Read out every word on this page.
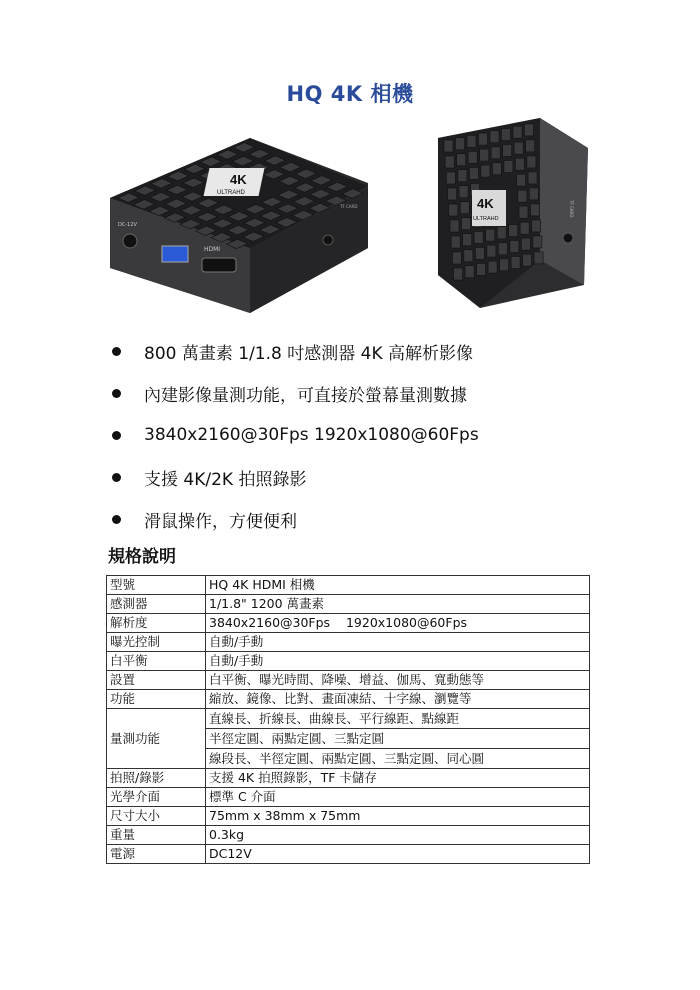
HQ 4K 相機
4K
ULTRAHD
DC-12V
HDMI
TF CARD	4K
ULTRAHD
TF CARD
800 萬畫素 1/1.8 吋感測器 4K 高解析影像
內建影像量測功能，可直接於螢幕量測數據
3840x2160@30Fps 1920x1080@60Fps
支援 4K/2K 拍照錄影
滑鼠操作，方便便利
規格說明
型號	HQ 4K HDMI 相機
感測器	1/1.8" 1200 萬畫素
解析度	3840x2160@30Fps    1920x1080@60Fps
曝光控制	自動/手動
白平衡	自動/手動
設置	白平衡、曝光時間、降噪、增益、伽馬、寬動態等
功能	縮放、鏡像、比對、畫面凍結、十字線、瀏覽等
量測功能	直線長、折線長、曲線長、平行線距、點線距
半徑定圓、兩點定圓、三點定圓
線段長、半徑定圓、兩點定圓、三點定圓、同心圓

拍照/錄影	支援 4K 拍照錄影，TF 卡儲存
光學介面	標準 C 介面
尺寸大小	75mm x 38mm x 75mm
重量	0.3kg
電源	DC12V
